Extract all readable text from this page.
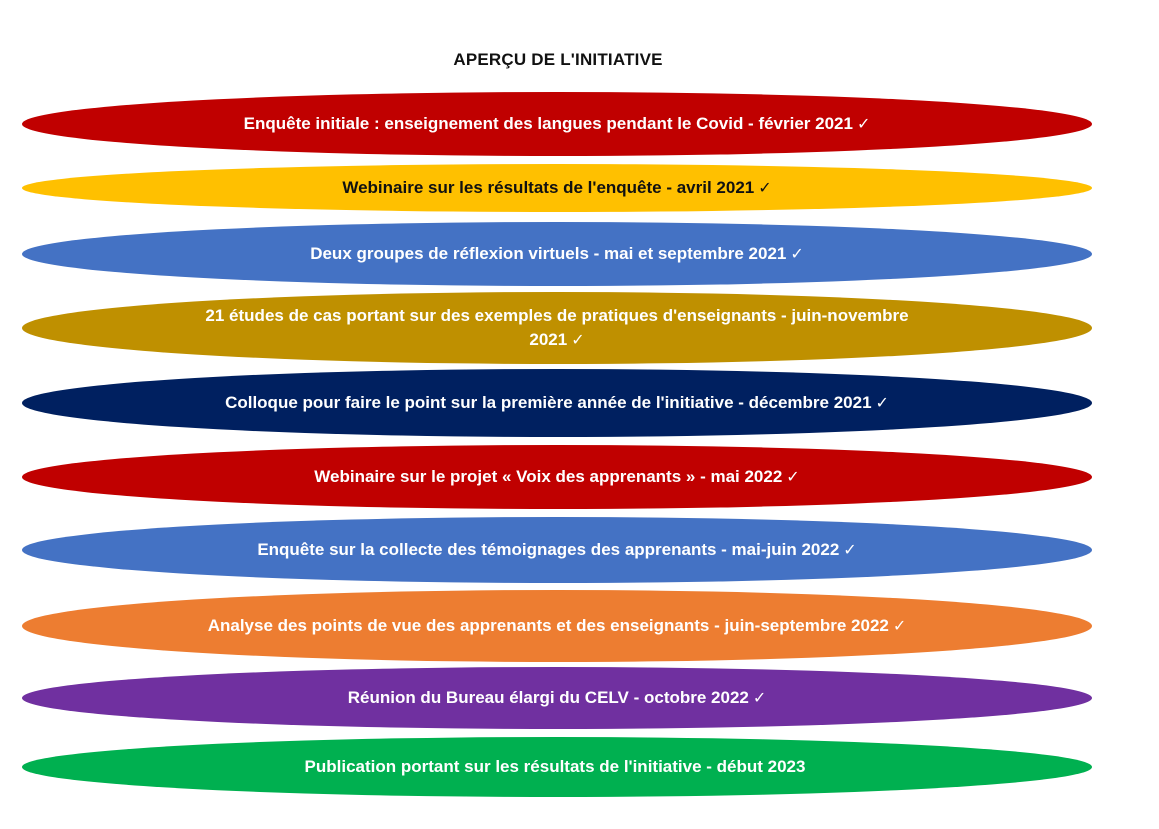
APERÇU DE L'INITIATIVE
Enquête initiale : enseignement des langues pendant le Covid - février 2021 ✓
Webinaire sur les résultats de l'enquête - avril 2021 ✓
Deux groupes de réflexion virtuels - mai et septembre 2021 ✓
21 études de cas portant sur des exemples de pratiques d'enseignants - juin-novembre 2021 ✓
Colloque pour faire le point sur la première année de l'initiative - décembre 2021 ✓
Webinaire sur le projet « Voix des apprenants » - mai 2022 ✓
Enquête sur la collecte des témoignages des apprenants - mai-juin 2022 ✓
Analyse des points de vue des apprenants et des enseignants - juin-septembre 2022 ✓
Réunion du Bureau élargi du CELV - octobre 2022 ✓
Publication portant sur les résultats de l'initiative - début 2023
